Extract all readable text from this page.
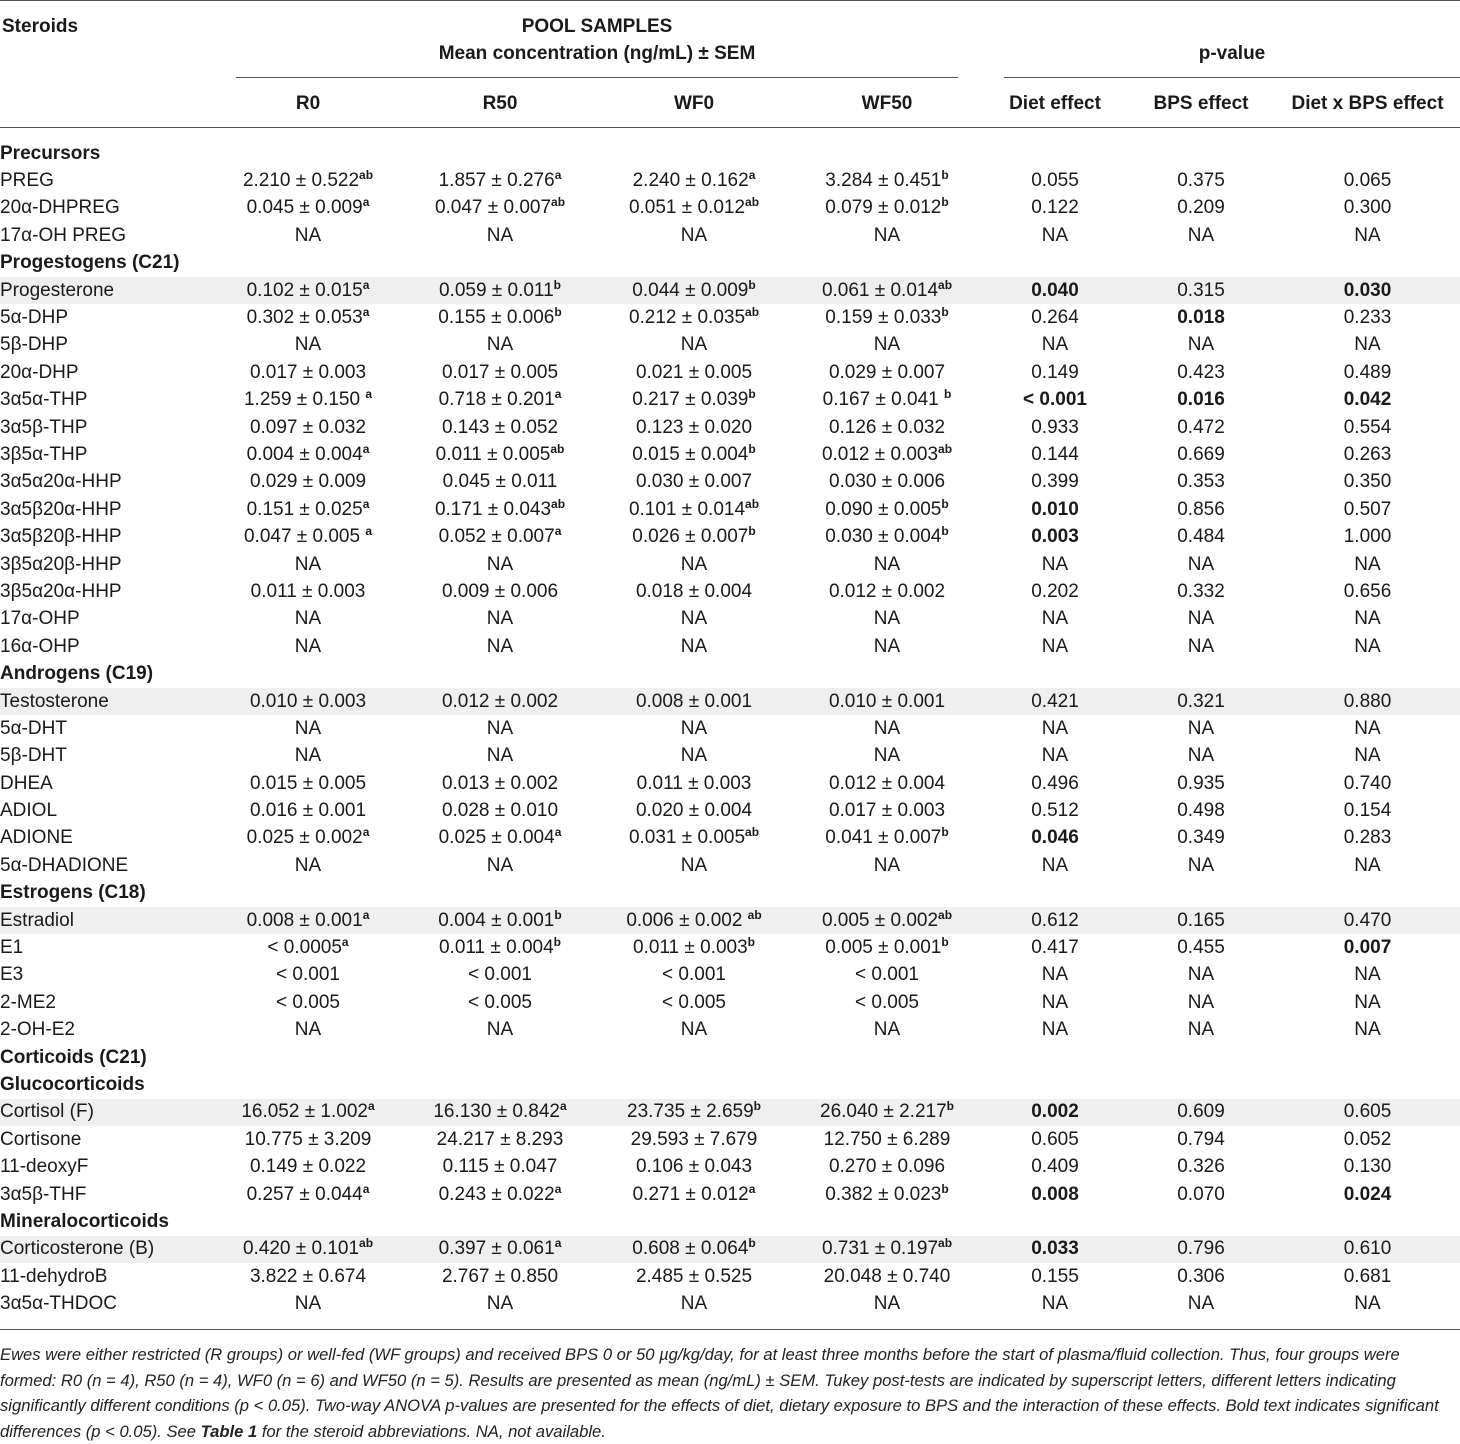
Steroids	POOL SAMPLES
Mean concentration (ng/mL) ± SEM	p-value
R0	R50	WF0	WF50	Diet effect	BPS effect	Diet x BPS effect
Precursors							
PREG	2.210 ± 0.522$^{ab}$	1.857 ± 0.276$^a$	2.240 ± 0.162$^a$	3.284 ± 0.451$^b$	0.055	0.375	0.065
20α-DHPREG	0.045 ± 0.009$^a$	0.047 ± 0.007$^{ab}$	0.051 ± 0.012$^{ab}$	0.079 ± 0.012$^b$	0.122	0.209	0.300
17α-OH PREG	NA	NA	NA	NA	NA	NA	NA
Progestogens (C21)							
Progesterone	0.102 ± 0.015$^a$	0.059 ± 0.011$^b$	0.044 ± 0.009$^b$	0.061 ± 0.014$^{ab}$	0.040	0.315	0.030
5α-DHP	0.302 ± 0.053$^a$	0.155 ± 0.006$^b$	0.212 ± 0.035$^{ab}$	0.159 ± 0.033$^b$	0.264	0.018	0.233
5β-DHP	NA	NA	NA	NA	NA	NA	NA
20α-DHP	0.017 ± 0.003	0.017 ± 0.005	0.021 ± 0.005	0.029 ± 0.007	0.149	0.423	0.489
3α5α-THP	1.259 ± 0.150 $^a$	0.718 ± 0.201$^a$	0.217 ± 0.039$^b$	0.167 ± 0.041 $^b$	< 0.001	0.016	0.042
3α5β-THP	0.097 ± 0.032	0.143 ± 0.052	0.123 ± 0.020	0.126 ± 0.032	0.933	0.472	0.554
3β5α-THP	0.004 ± 0.004$^a$	0.011 ± 0.005$^{ab}$	0.015 ± 0.004$^b$	0.012 ± 0.003$^{ab}$	0.144	0.669	0.263
3α5α20α-HHP	0.029 ± 0.009	0.045 ± 0.011	0.030 ± 0.007	0.030 ± 0.006	0.399	0.353	0.350
3α5β20α-HHP	0.151 ± 0.025$^a$	0.171 ± 0.043$^{ab}$	0.101 ± 0.014$^{ab}$	0.090 ± 0.005$^b$	0.010	0.856	0.507
3α5β20β-HHP	0.047 ± 0.005 $^a$	0.052 ± 0.007$^a$	0.026 ± 0.007$^b$	0.030 ± 0.004$^b$	0.003	0.484	1.000
3β5α20β-HHP	NA	NA	NA	NA	NA	NA	NA
3β5α20α-HHP	0.011 ± 0.003	0.009 ± 0.006	0.018 ± 0.004	0.012 ± 0.002	0.202	0.332	0.656
17α-OHP	NA	NA	NA	NA	NA	NA	NA
16α-OHP	NA	NA	NA	NA	NA	NA	NA
Androgens (C19)							
Testosterone	0.010 ± 0.003	0.012 ± 0.002	0.008 ± 0.001	0.010 ± 0.001	0.421	0.321	0.880
5α-DHT	NA	NA	NA	NA	NA	NA	NA
5β-DHT	NA	NA	NA	NA	NA	NA	NA
DHEA	0.015 ± 0.005	0.013 ± 0.002	0.011 ± 0.003	0.012 ± 0.004	0.496	0.935	0.740
ADIOL	0.016 ± 0.001	0.028 ± 0.010	0.020 ± 0.004	0.017 ± 0.003	0.512	0.498	0.154
ADIONE	0.025 ± 0.002$^a$	0.025 ± 0.004$^a$	0.031 ± 0.005$^{ab}$	0.041 ± 0.007$^b$	0.046	0.349	0.283
5α-DHADIONE	NA	NA	NA	NA	NA	NA	NA
Estrogens (C18)							
Estradiol	0.008 ± 0.001$^a$	0.004 ± 0.001$^b$	0.006 ± 0.002 $^{ab}$	0.005 ± 0.002$^{ab}$	0.612	0.165	0.470
E1	< 0.0005$^a$	0.011 ± 0.004$^b$	0.011 ± 0.003$^b$	0.005 ± 0.001$^b$	0.417	0.455	0.007
E3	< 0.001	< 0.001	< 0.001	< 0.001	NA	NA	NA
2-ME2	< 0.005	< 0.005	< 0.005	< 0.005	NA	NA	NA
2-OH-E2	NA	NA	NA	NA	NA	NA	NA
Corticoids (C21)							
Glucocorticoids							
Cortisol (F)	16.052 ± 1.002$^a$	16.130 ± 0.842$^a$	23.735 ± 2.659$^b$	26.040 ± 2.217$^b$	0.002	0.609	0.605
Cortisone	10.775 ± 3.209	24.217 ± 8.293	29.593 ± 7.679	12.750 ± 6.289	0.605	0.794	0.052
11-deoxyF	0.149 ± 0.022	0.115 ± 0.047	0.106 ± 0.043	0.270 ± 0.096	0.409	0.326	0.130
3α5β-THF	0.257 ± 0.044$^a$	0.243 ± 0.022$^a$	0.271 ± 0.012$^a$	0.382 ± 0.023$^b$	0.008	0.070	0.024
Mineralocorticoids							
Corticosterone (B)	0.420 ± 0.101$^{ab}$	0.397 ± 0.061$^a$	0.608 ± 0.064$^b$	0.731 ± 0.197$^{ab}$	0.033	0.796	0.610
11-dehydroB	3.822 ± 0.674	2.767 ± 0.850	2.485 ± 0.525	20.048 ± 0.740	0.155	0.306	0.681
3α5α-THDOC	NA	NA	NA	NA	NA	NA	NA
Ewes were either restricted (R groups) or well-fed (WF groups) and received BPS 0 or 50 µg/kg/day, for at least three months before the start of plasma/fluid collection. Thus, four groups were formed: R0 (n = 4), R50 (n = 4), WF0 (n = 6) and WF50 (n = 5). Results are presented as mean (ng/mL) ± SEM. Tukey post-tests are indicated by superscript letters, different letters indicating significantly different conditions (p < 0.05). Two-way ANOVA p-values are presented for the effects of diet, dietary exposure to BPS and the interaction of these effects. Bold text indicates significant differences (p < 0.05). See Table 1 for the steroid abbreviations. NA, not available.
